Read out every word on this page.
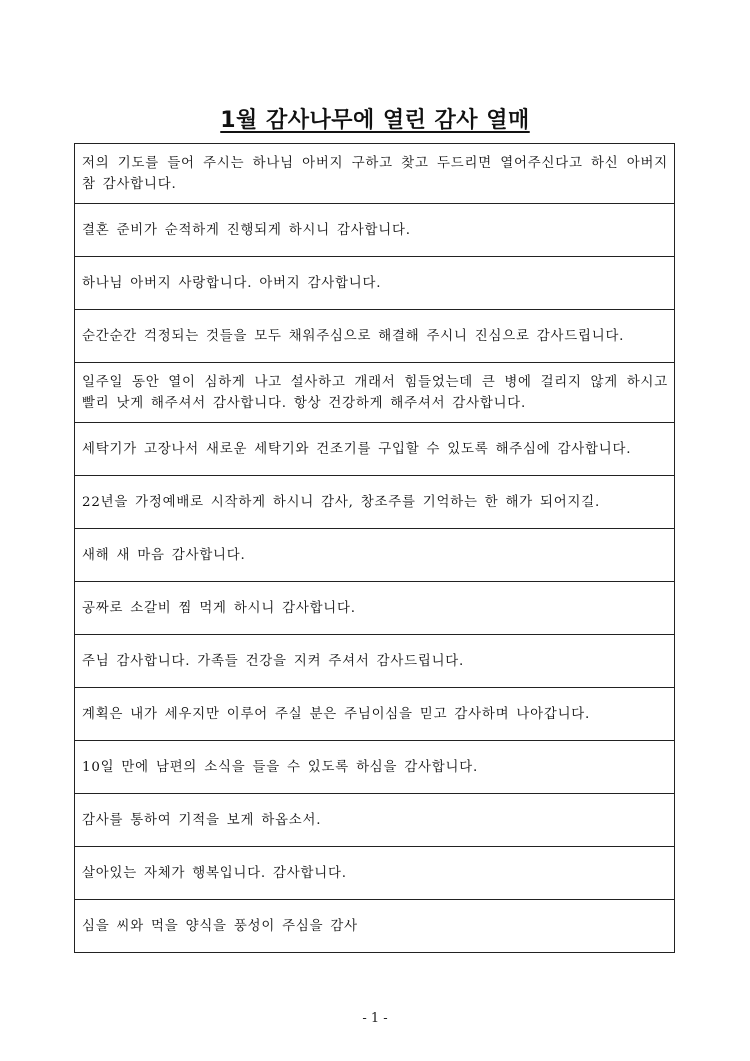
1월 감사나무에 열린 감사 열매
저의 기도를 들어 주시는 하나님 아버지 구하고 찾고 두드리면 열어주신다고 하신 아버지 참 감사합니다.
결혼 준비가 순적하게 진행되게 하시니 감사합니다.
하나님 아버지 사랑합니다. 아버지 감사합니다.
순간순간 걱정되는 것들을 모두 채워주심으로 해결해 주시니 진심으로 감사드립니다.
일주일 동안 열이 심하게 나고 설사하고 개래서 힘들었는데 큰 병에 걸리지 않게 하시고 빨리 낫게 해주셔서 감사합니다. 항상 건강하게 해주셔서 감사합니다.
세탁기가 고장나서 새로운 세탁기와 건조기를 구입할 수 있도록 해주심에 감사합니다.
22년을 가정예배로 시작하게 하시니 감사, 창조주를 기억하는 한 해가 되어지길.
새해 새 마음 감사합니다.
공짜로 소갈비 찜 먹게 하시니 감사합니다.
주님 감사합니다. 가족들 건강을 지켜 주셔서 감사드립니다.
계획은 내가 세우지만 이루어 주실 분은 주님이심을 믿고 감사하며 나아갑니다.
10일 만에 남편의 소식을 들을 수 있도록 하심을 감사합니다.
감사를 통하여 기적을 보게 하옵소서.
살아있는 자체가 행복입니다. 감사합니다.
심을 씨와 먹을 양식을 풍성이 주심을 감사
- 1 -
